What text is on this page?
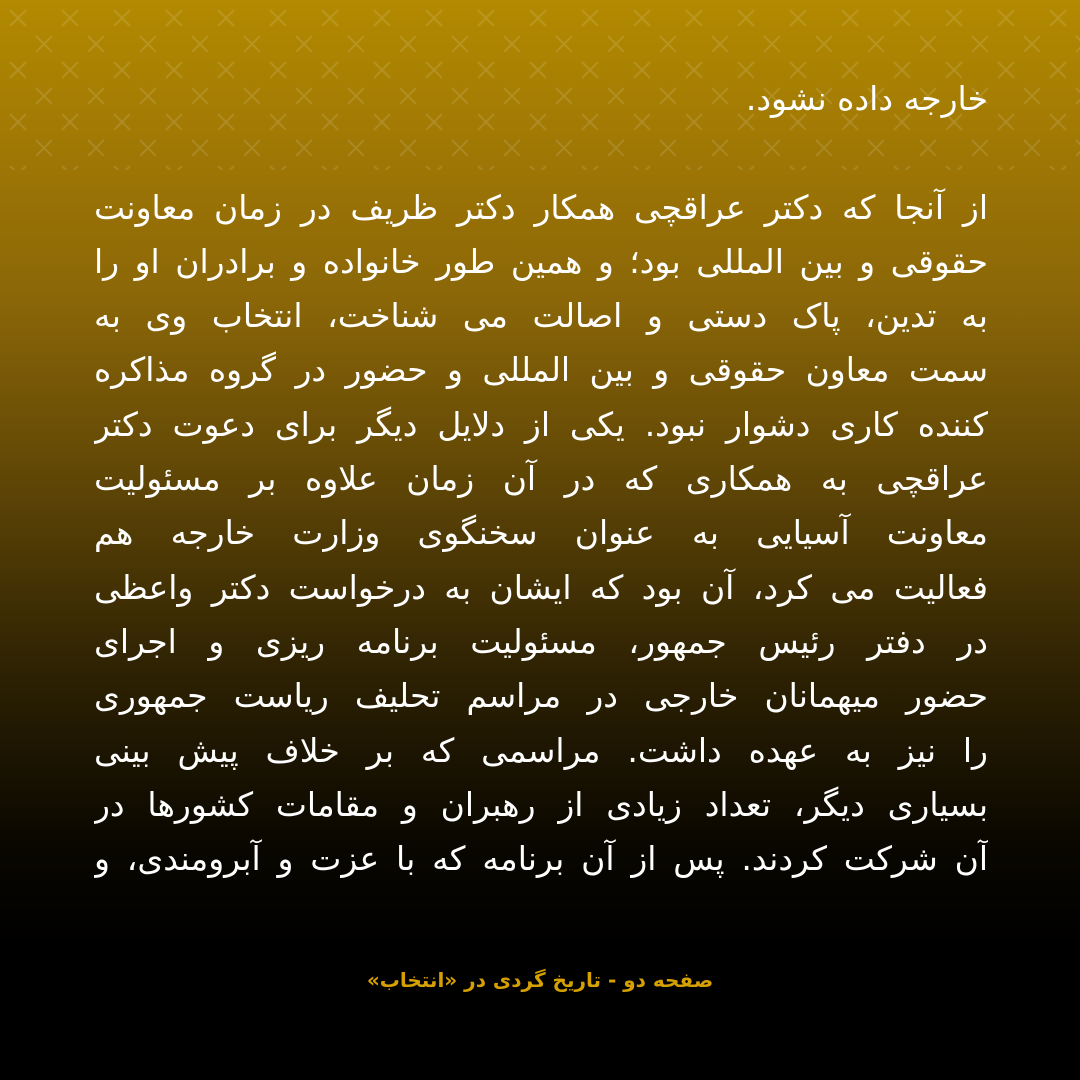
خارجه داده نشود.
از آنجا که دکتر عراقچی همکار دکتر ظریف در زمان معاونت
حقوقی و بین المللی بود؛ و همین طور خانواده و برادران او را
به تدین، پاک دستی و اصالت می شناخت، انتخاب وی به
سمت معاون حقوقی و بین المللی و حضور در گروه مذاکره
کننده کاری دشوار نبود. یکی از دلایل دیگر برای دعوت دکتر
عراقچی به همکاری که در آن زمان علاوه بر مسئولیت
معاونت آسیایی به عنوان سخنگوی وزارت خارجه هم
فعالیت می کرد، آن بود که ایشان به درخواست دکتر واعظی
در دفتر رئیس جمهور، مسئولیت برنامه ریزی و اجرای
حضور میهمانان خارجی در مراسم تحلیف ریاست جمهوری
را نیز به عهده داشت. مراسمی که بر خلاف پیش بینی
بسیاری دیگر، تعداد زیادی از رهبران و مقامات کشورها در
آن شرکت کردند. پس از آن برنامه که با عزت و آبرومندی، و
صفحه دو - تاریخ گردی در «انتخاب»
